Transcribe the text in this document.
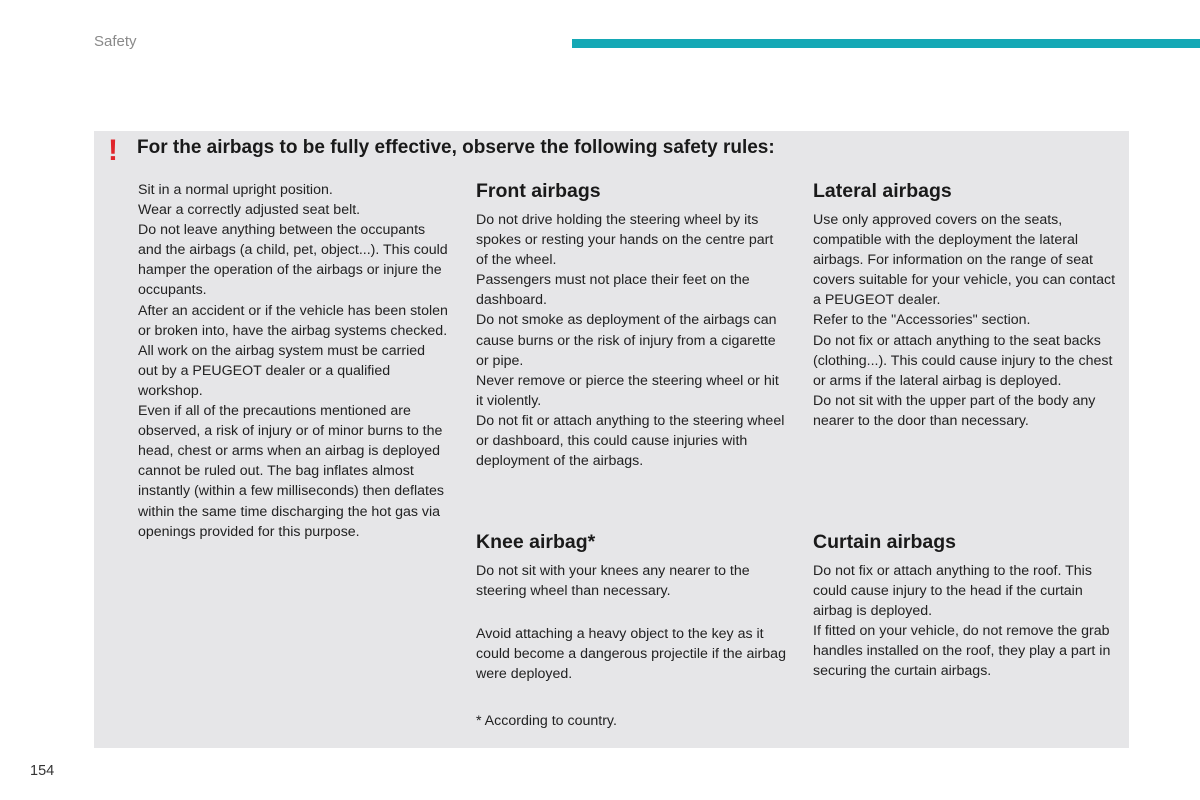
Safety
! For the airbags to be fully effective, observe the following safety rules:

Sit in a normal upright position.

Wear a correctly adjusted seat belt.

Do not leave anything between the occupants and the airbags (a child, pet, object...). This could hamper the operation of the airbags or injure the occupants.

After an accident or if the vehicle has been stolen or broken into, have the airbag systems checked.

All work on the airbag system must be carried out by a PEUGEOT dealer or a qualified workshop.

Even if all of the precautions mentioned are observed, a risk of injury or of minor burns to the head, chest or arms when an airbag is deployed cannot be ruled out. The bag inflates almost instantly (within a few milliseconds) then deflates within the same time discharging the hot gas via openings provided for this purpose.

Front airbags

Do not drive holding the steering wheel by its spokes or resting your hands on the centre part of the wheel.

Passengers must not place their feet on the dashboard.

Do not smoke as deployment of the airbags can cause burns or the risk of injury from a cigarette or pipe.

Never remove or pierce the steering wheel or hit it violently.

Do not fit or attach anything to the steering wheel or dashboard, this could cause injuries with deployment of the airbags.

Lateral airbags

Use only approved covers on the seats, compatible with the deployment the lateral airbags. For information on the range of seat covers suitable for your vehicle, you can contact a PEUGEOT dealer.

Refer to the "Accessories" section.

Do not fix or attach anything to the seat backs (clothing...). This could cause injury to the chest or arms if the lateral airbag is deployed.

Do not sit with the upper part of the body any nearer to the door than necessary.

Knee airbag*

Do not sit with your knees any nearer to the steering wheel than necessary.

Avoid attaching a heavy object to the key as it could become a dangerous projectile if the airbag were deployed.

Curtain airbags

Do not fix or attach anything to the roof. This could cause injury to the head if the curtain airbag is deployed.

If fitted on your vehicle, do not remove the grab handles installed on the roof, they play a part in securing the curtain airbags.

* According to country.
154
